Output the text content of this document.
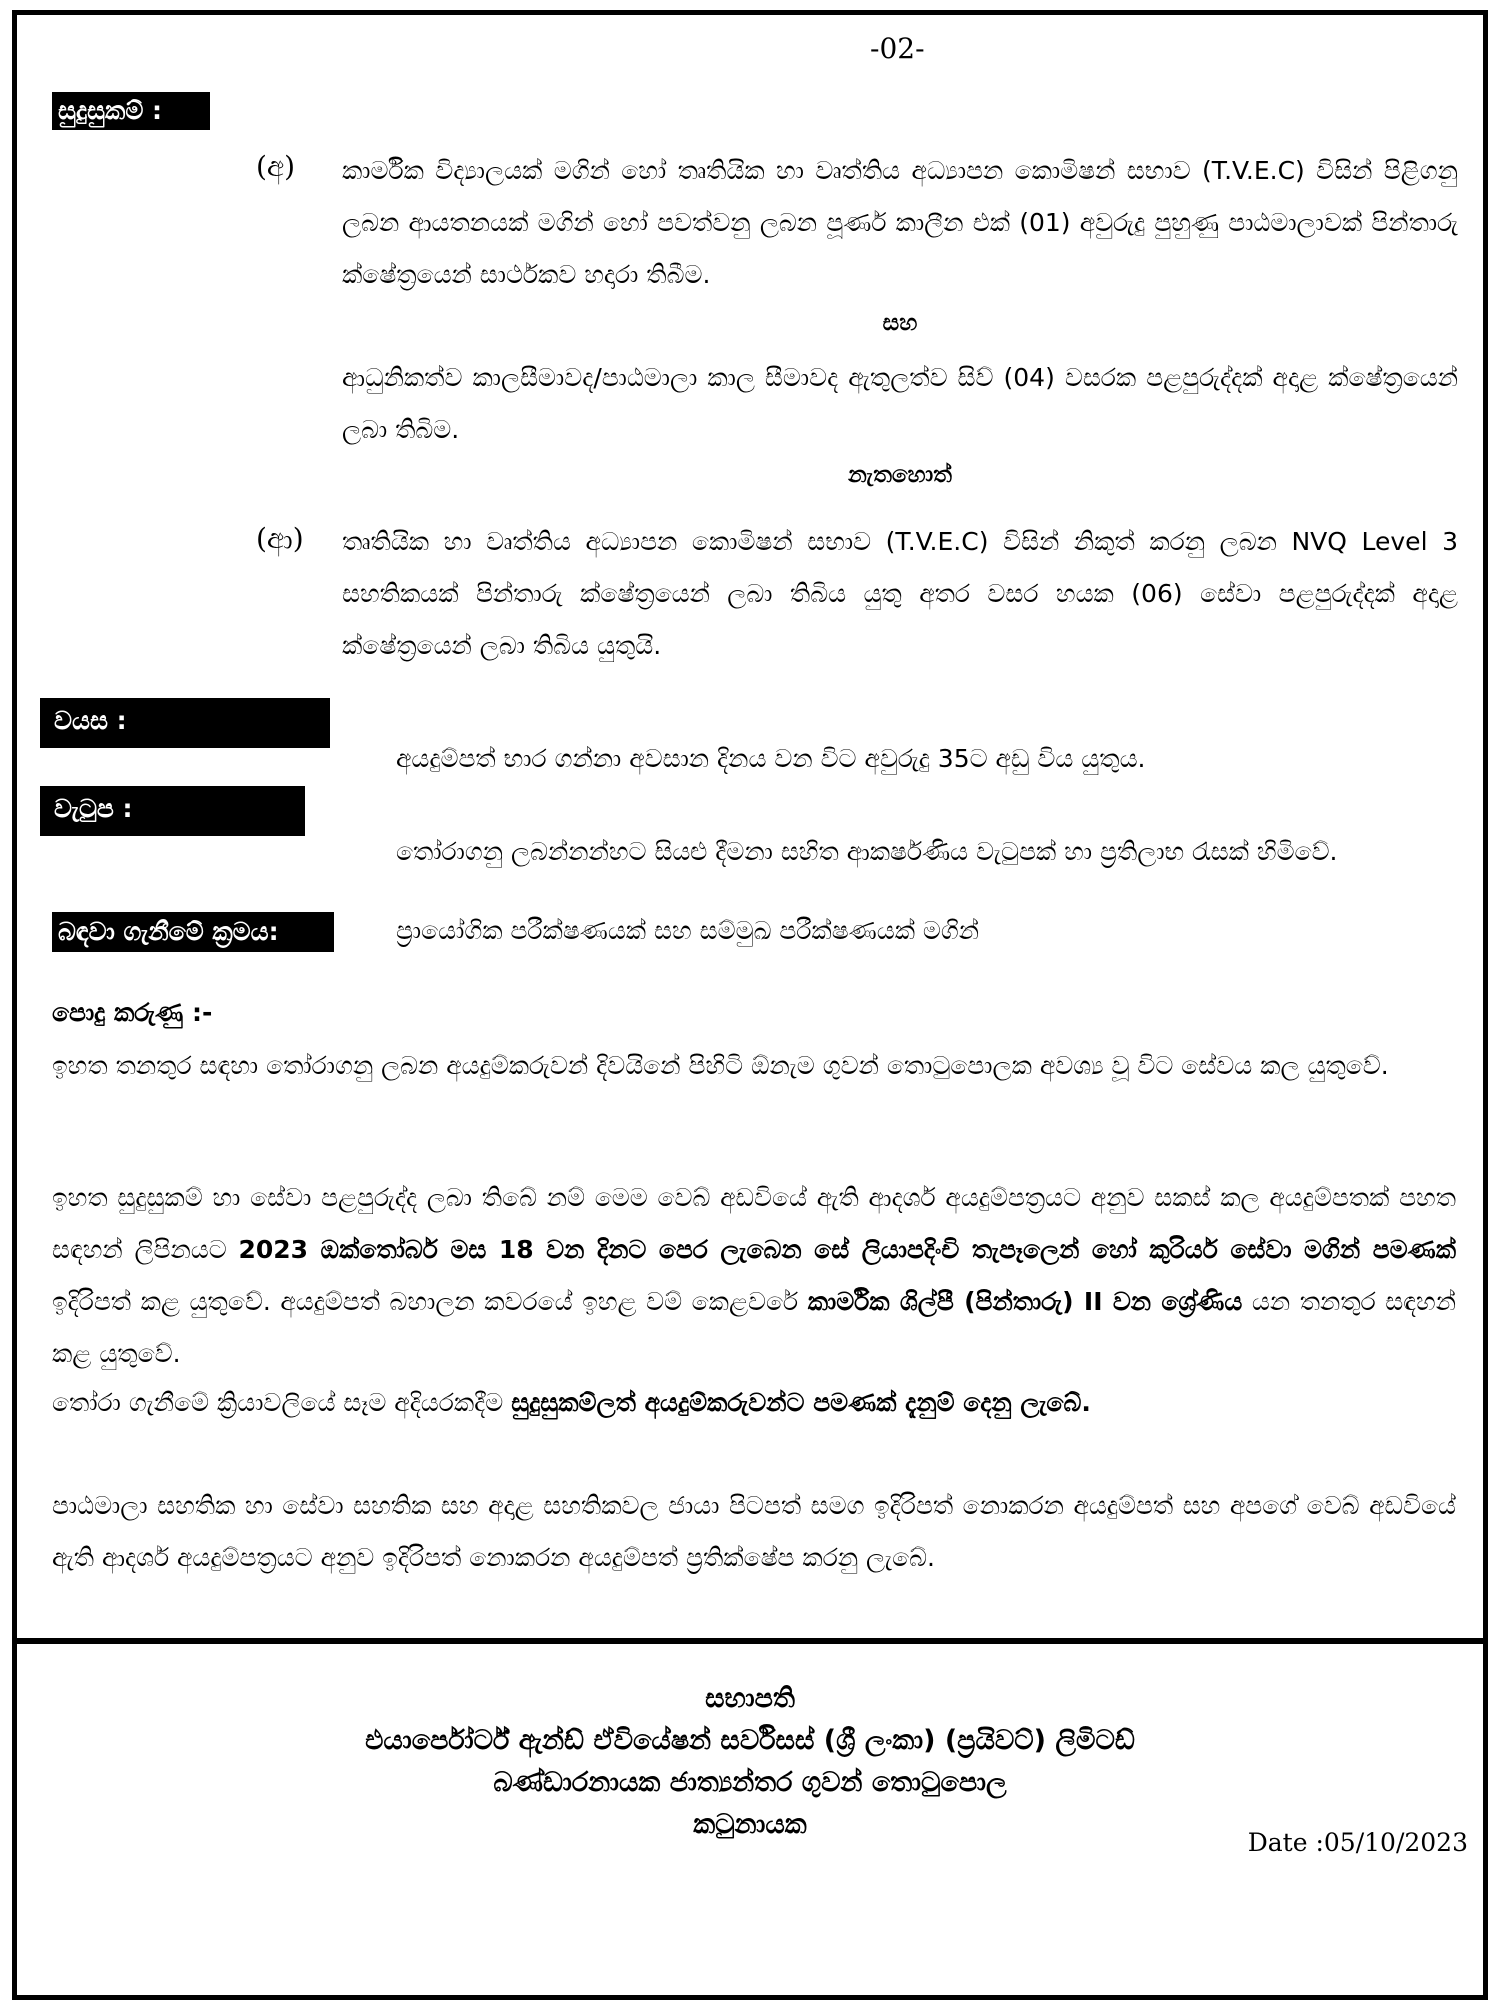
-02-
සුදුසුකම් :
(අ) කාර්මික විද්‍යාලයක් මගින් හෝ තෘතියික හා වෘත්තිය අධ්‍යාපන කොමිෂන් සභාව (T.V.E.C) විසින් පිළිගනු ලබන ආයතනයක් මගින් හෝ පවත්වනු ලබන පූර්ණ කාලීන එක් (01) අවුරුදු පුහුණු පාඨමාලාවක් පින්තාරු ක්ෂේත්‍රයෙන් සාර්ථකව හදාරා තිබීම.
සහ
ආධුනිකත්ව කාලසීමාවද/පාඨමාලා කාල සීමාවද ඇතුලත්ව සිව් (04) වසරක පළපුරුද්දක් අදාළ ක්ෂේත්‍රයෙන් ලබා තිබිම.
නැතහොත්
(ආ) තෘතියික හා වෘත්තිය අධ්‍යාපන කොමිෂන් සභාව (T.V.E.C) විසින් නිකුත් කරනු ලබන NVQ Level 3 සහතිකයක් පින්තාරු ක්ෂේත්‍රයෙන් ලබා තිබිය යුතු අතර වසර හයක (06) සේවා පළපුරුද්දක් අදාළ ක්ෂේත්‍රයෙන් ලබා තිබිය යුතුයි.
වයස :
අයදුම්පත් භාර ගන්නා අවසාන දිනය වන විට අවුරුදු 35ට අඩු විය යුතුය.
වැටුප :
තෝරාගනු ලබන්නන්හට සියළු දීමනා සහිත ආකර්ෂණිය වැටුපක් හා ප්‍රතිලාභ රැසක් හිමිවේ.
බඳවා ගැනීමේ ක්‍රමය:	ප්‍රායෝගික පරීක්ෂණයක් සහ සම්මුඛ පරීක්ෂණයක් මගින්
පොදු කරුණු :-
ඉහත තනතුර සඳහා තෝරාගනු ලබන අයදුම්කරුවන් දිවයිනේ පිහිටි ඕනැම ගුවන් තොටුපොලක අවශ්‍ය වූ විට සේවය කල යුතුවේ.
ඉහත සුදුසුකම් හා සේවා පළපුරුද්ද ලබා තිබේ නම් මෙම වෙබ් අඩවියේ ඇති ආදර්ශ අයදුම්පත්‍රයට අනුව සකස් කල අයදුම්පතක් පහත සඳහන් ලිපිනයට 2023 ඔක්තෝබර් මස 18 වන දිනට පෙර ලැබෙන සේ ලියාපදිංචි තැපෑලෙන් හෝ කුරියර් සේවා මගින් පමණක් ඉදිරිපත් කළ යුතුවේ. අයදුම්පත් බහාලන කවරයේ ඉහළ වම් කෙළවරේ කාර්මික ශිල්පී (පින්තාරු) II වන ශ්‍රේණිය යන තනතුර සඳහන් කළ යුතුවේ.
තෝරා ගැනීමේ ක්‍රියාවලියේ සෑම අදියරකදීම සුදුසුකම්ලත් අයදුම්කරුවන්ට පමණක් දැනුම් දෙනු ලැබේ.
පාඨමාලා සහතික හා සේවා සහතික සහ අදාළ සහතිකවල ජායා පිටපත් සමග ඉදිරිපත් නොකරන අයදුම්පත් සහ අපගේ වෙබ් අඩවියේ ඇති ආදර්ශ අයදුම්පත්‍රයට අනුව ඉදිරිපත් නොකරන අයදුම්පත් ප්‍රතික්ෂේප කරනු ලැබේ.
සභාපති
එයාර්පෝර්ට් ඇන්ඩ් ඒවියේෂන් සර්විසස් (ශ්‍රී ලංකා) (ප්‍රයිවට්) ලිමිටඩ්
බණ්ඩාරනායක ජාත්‍යන්තර ගුවන් තොටුපොල
කටුනායක
Date :05/10/2023
